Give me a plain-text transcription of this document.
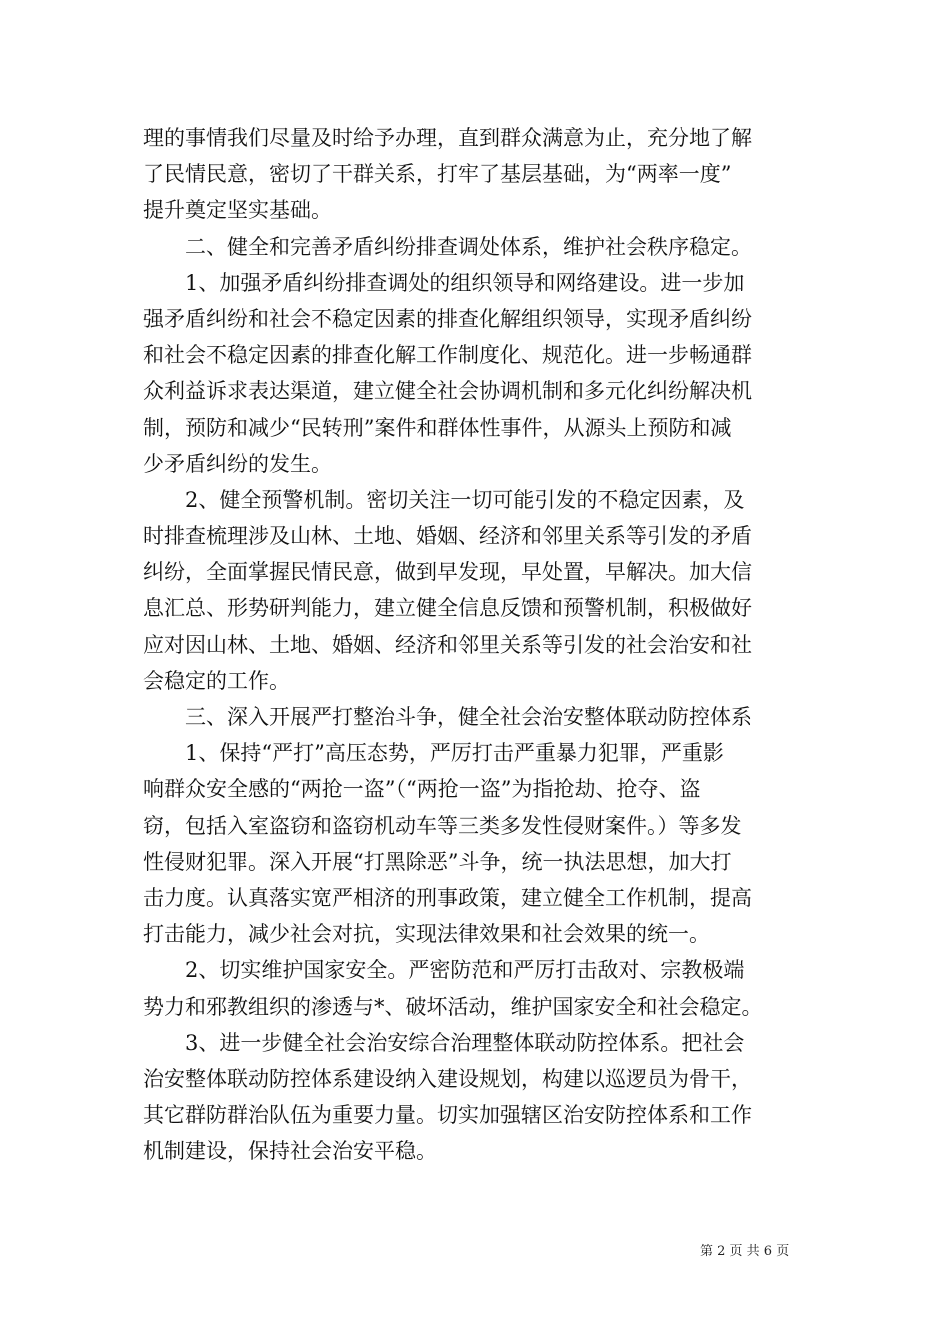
理的事情我们尽量及时给予办理，直到群众满意为止，充分地了解
了民情民意，密切了干群关系，打牢了基层基础，为“两率一度”
提升奠定坚实基础。
二、健全和完善矛盾纠纷排查调处体系，维护社会秩序稳定。
1、加强矛盾纠纷排查调处的组织领导和网络建设。进一步加
强矛盾纠纷和社会不稳定因素的排查化解组织领导，实现矛盾纠纷
和社会不稳定因素的排查化解工作制度化、规范化。进一步畅通群
众利益诉求表达渠道，建立健全社会协调机制和多元化纠纷解决机
制，预防和减少“民转刑”案件和群体性事件，从源头上预防和减
少矛盾纠纷的发生。
2、健全预警机制。密切关注一切可能引发的不稳定因素，及
时排查梳理涉及山林、土地、婚姻、经济和邻里关系等引发的矛盾
纠纷，全面掌握民情民意，做到早发现，早处置，早解决。加大信
息汇总、形势研判能力，建立健全信息反馈和预警机制，积极做好
应对因山林、土地、婚姻、经济和邻里关系等引发的社会治安和社
会稳定的工作。
三、深入开展严打整治斗争，健全社会治安整体联动防控体系
1、保持“严打”高压态势，严厉打击严重暴力犯罪，严重影
响群众安全感的“两抢一盗”（“两抢一盗”为指抢劫、抢夺、盗
窃，包括入室盗窃和盗窃机动车等三类多发性侵财案件。）等多发
性侵财犯罪。深入开展“打黑除恶”斗争，统一执法思想，加大打
击力度。认真落实宽严相济的刑事政策，建立健全工作机制，提高
打击能力，减少社会对抗，实现法律效果和社会效果的统一。
2、切实维护国家安全。严密防范和严厉打击敌对、宗教极端
势力和邪教组织的渗透与*、破坏活动，维护国家安全和社会稳定。
3、进一步健全社会治安综合治理整体联动防控体系。把社会
治安整体联动防控体系建设纳入建设规划，构建以巡逻员为骨干，
其它群防群治队伍为重要力量。切实加强辖区治安防控体系和工作
机制建设，保持社会治安平稳。
第 2 页 共 6 页
